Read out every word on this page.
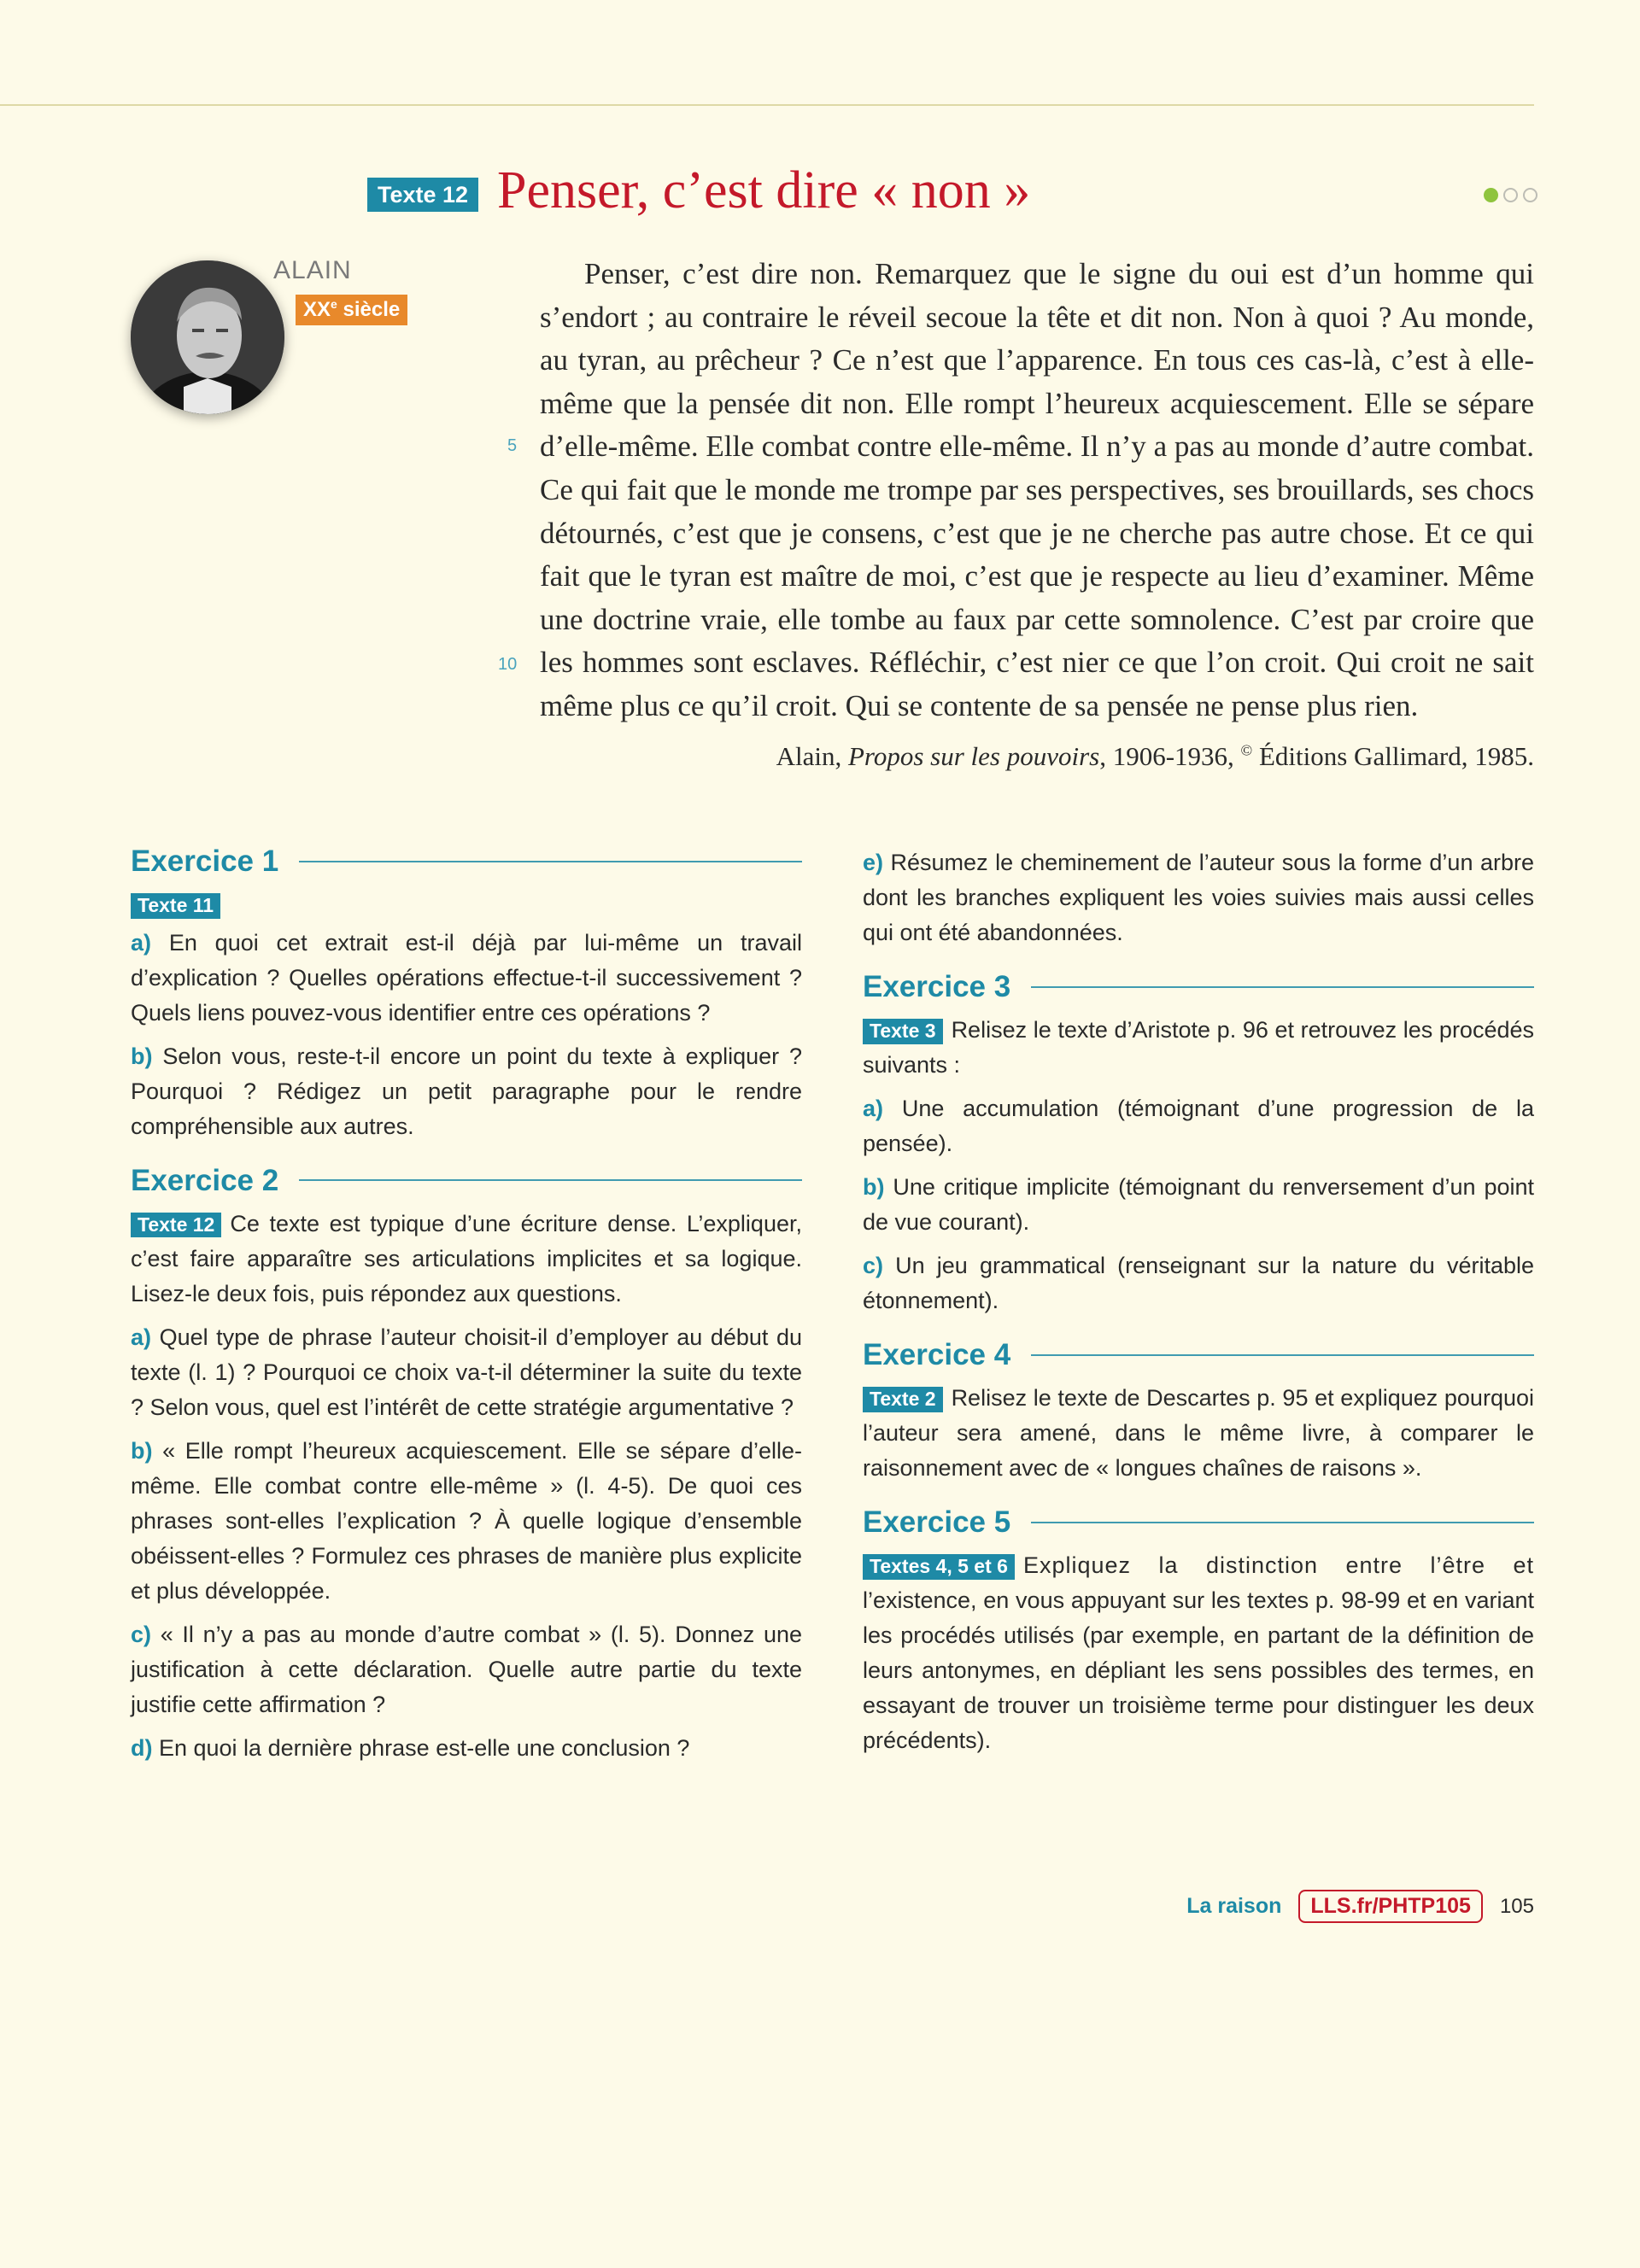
Texte 12 Penser, c’est dire « non »
ALAIN
XXe siècle

Penser, c’est dire non. Remarquez que le signe du oui est d’un homme qui s’endort ; au contraire le réveil secoue la tête et dit non. Non à quoi ? Au monde, au tyran, au prêcheur ? Ce n’est que l’apparence. En tous ces cas-là, c’est à elle-même que la pensée dit non. Elle rompt l’heureux acquiescement. Elle se sépare d’elle-même. Elle combat contre elle-même. Il n’y a pas au monde d’autre combat. Ce qui fait que le monde me trompe par ses perspectives, ses brouillards, ses chocs détournés, c’est que je consens, c’est que je ne cherche pas autre chose. Et ce qui fait que le tyran est maître de moi, c’est que je respecte au lieu d’examiner. Même une doctrine vraie, elle tombe au faux par cette somnolence. C’est par croire que les hommes sont esclaves. Réfléchir, c’est nier ce que l’on croit. Qui croit ne sait même plus ce qu’il croit. Qui se contente de sa pensée ne pense plus rien.

5
10
Alain, Propos sur les pouvoirs, 1906-1936, © Éditions Gallimard, 1985.
Exercice 1
Texte 11

a) En quoi cet extrait est-il déjà par lui-même un travail d’explication ? Quelles opérations effectue-t-il successivement ? Quels liens pouvez-vous identifier entre ces opérations ?

b) Selon vous, reste-t-il encore un point du texte à expliquer ? Pourquoi ? Rédigez un petit paragraphe pour le rendre compréhensible aux autres.

Exercice 2

Texte 12 Ce texte est typique d’une écriture dense. L’expliquer, c’est faire apparaître ses articulations implicites et sa logique. Lisez-le deux fois, puis répondez aux questions.

a) Quel type de phrase l’auteur choisit-il d’employer au début du texte (l. 1) ? Pourquoi ce choix va-t-il déterminer la suite du texte ? Selon vous, quel est l’intérêt de cette stratégie argumentative ?

b) « Elle rompt l’heureux acquiescement. Elle se sépare d’elle-même. Elle combat contre elle-même » (l. 4-5). De quoi ces phrases sont-elles l’explication ? À quelle logique d’ensemble obéissent-elles ? Formulez ces phrases de manière plus explicite et plus développée.

c) « Il n’y a pas au monde d’autre combat » (l. 5). Donnez une justification à cette déclaration. Quelle autre partie du texte justifie cette affirmation ?

d) En quoi la dernière phrase est-elle une conclusion ?

e) Résumez le cheminement de l’auteur sous la forme d’un arbre dont les branches expliquent les voies suivies mais aussi celles qui ont été abandonnées.

Exercice 3

Texte 3 Relisez le texte d’Aristote p. 96 et retrouvez les procédés suivants :

a) Une accumulation (témoignant d’une progression de la pensée).

b) Une critique implicite (témoignant du renversement d’un point de vue courant).

c) Un jeu grammatical (renseignant sur la nature du véritable étonnement).

Exercice 4

Texte 2 Relisez le texte de Descartes p. 95 et expliquez pourquoi l’auteur sera amené, dans le même livre, à comparer le raisonnement avec de « longues chaînes de raisons ».

Exercice 5

Textes 4, 5 et 6 Expliquez la distinction entre l’être et l’existence, en vous appuyant sur les textes p. 98-99 et en variant les procédés utilisés (par exemple, en partant de la définition de leurs antonymes, en dépliant les sens possibles des termes, en essayant de trouver un troisième terme pour distinguer les deux précédents).

La raison	LLS.fr/PHTP105	105
